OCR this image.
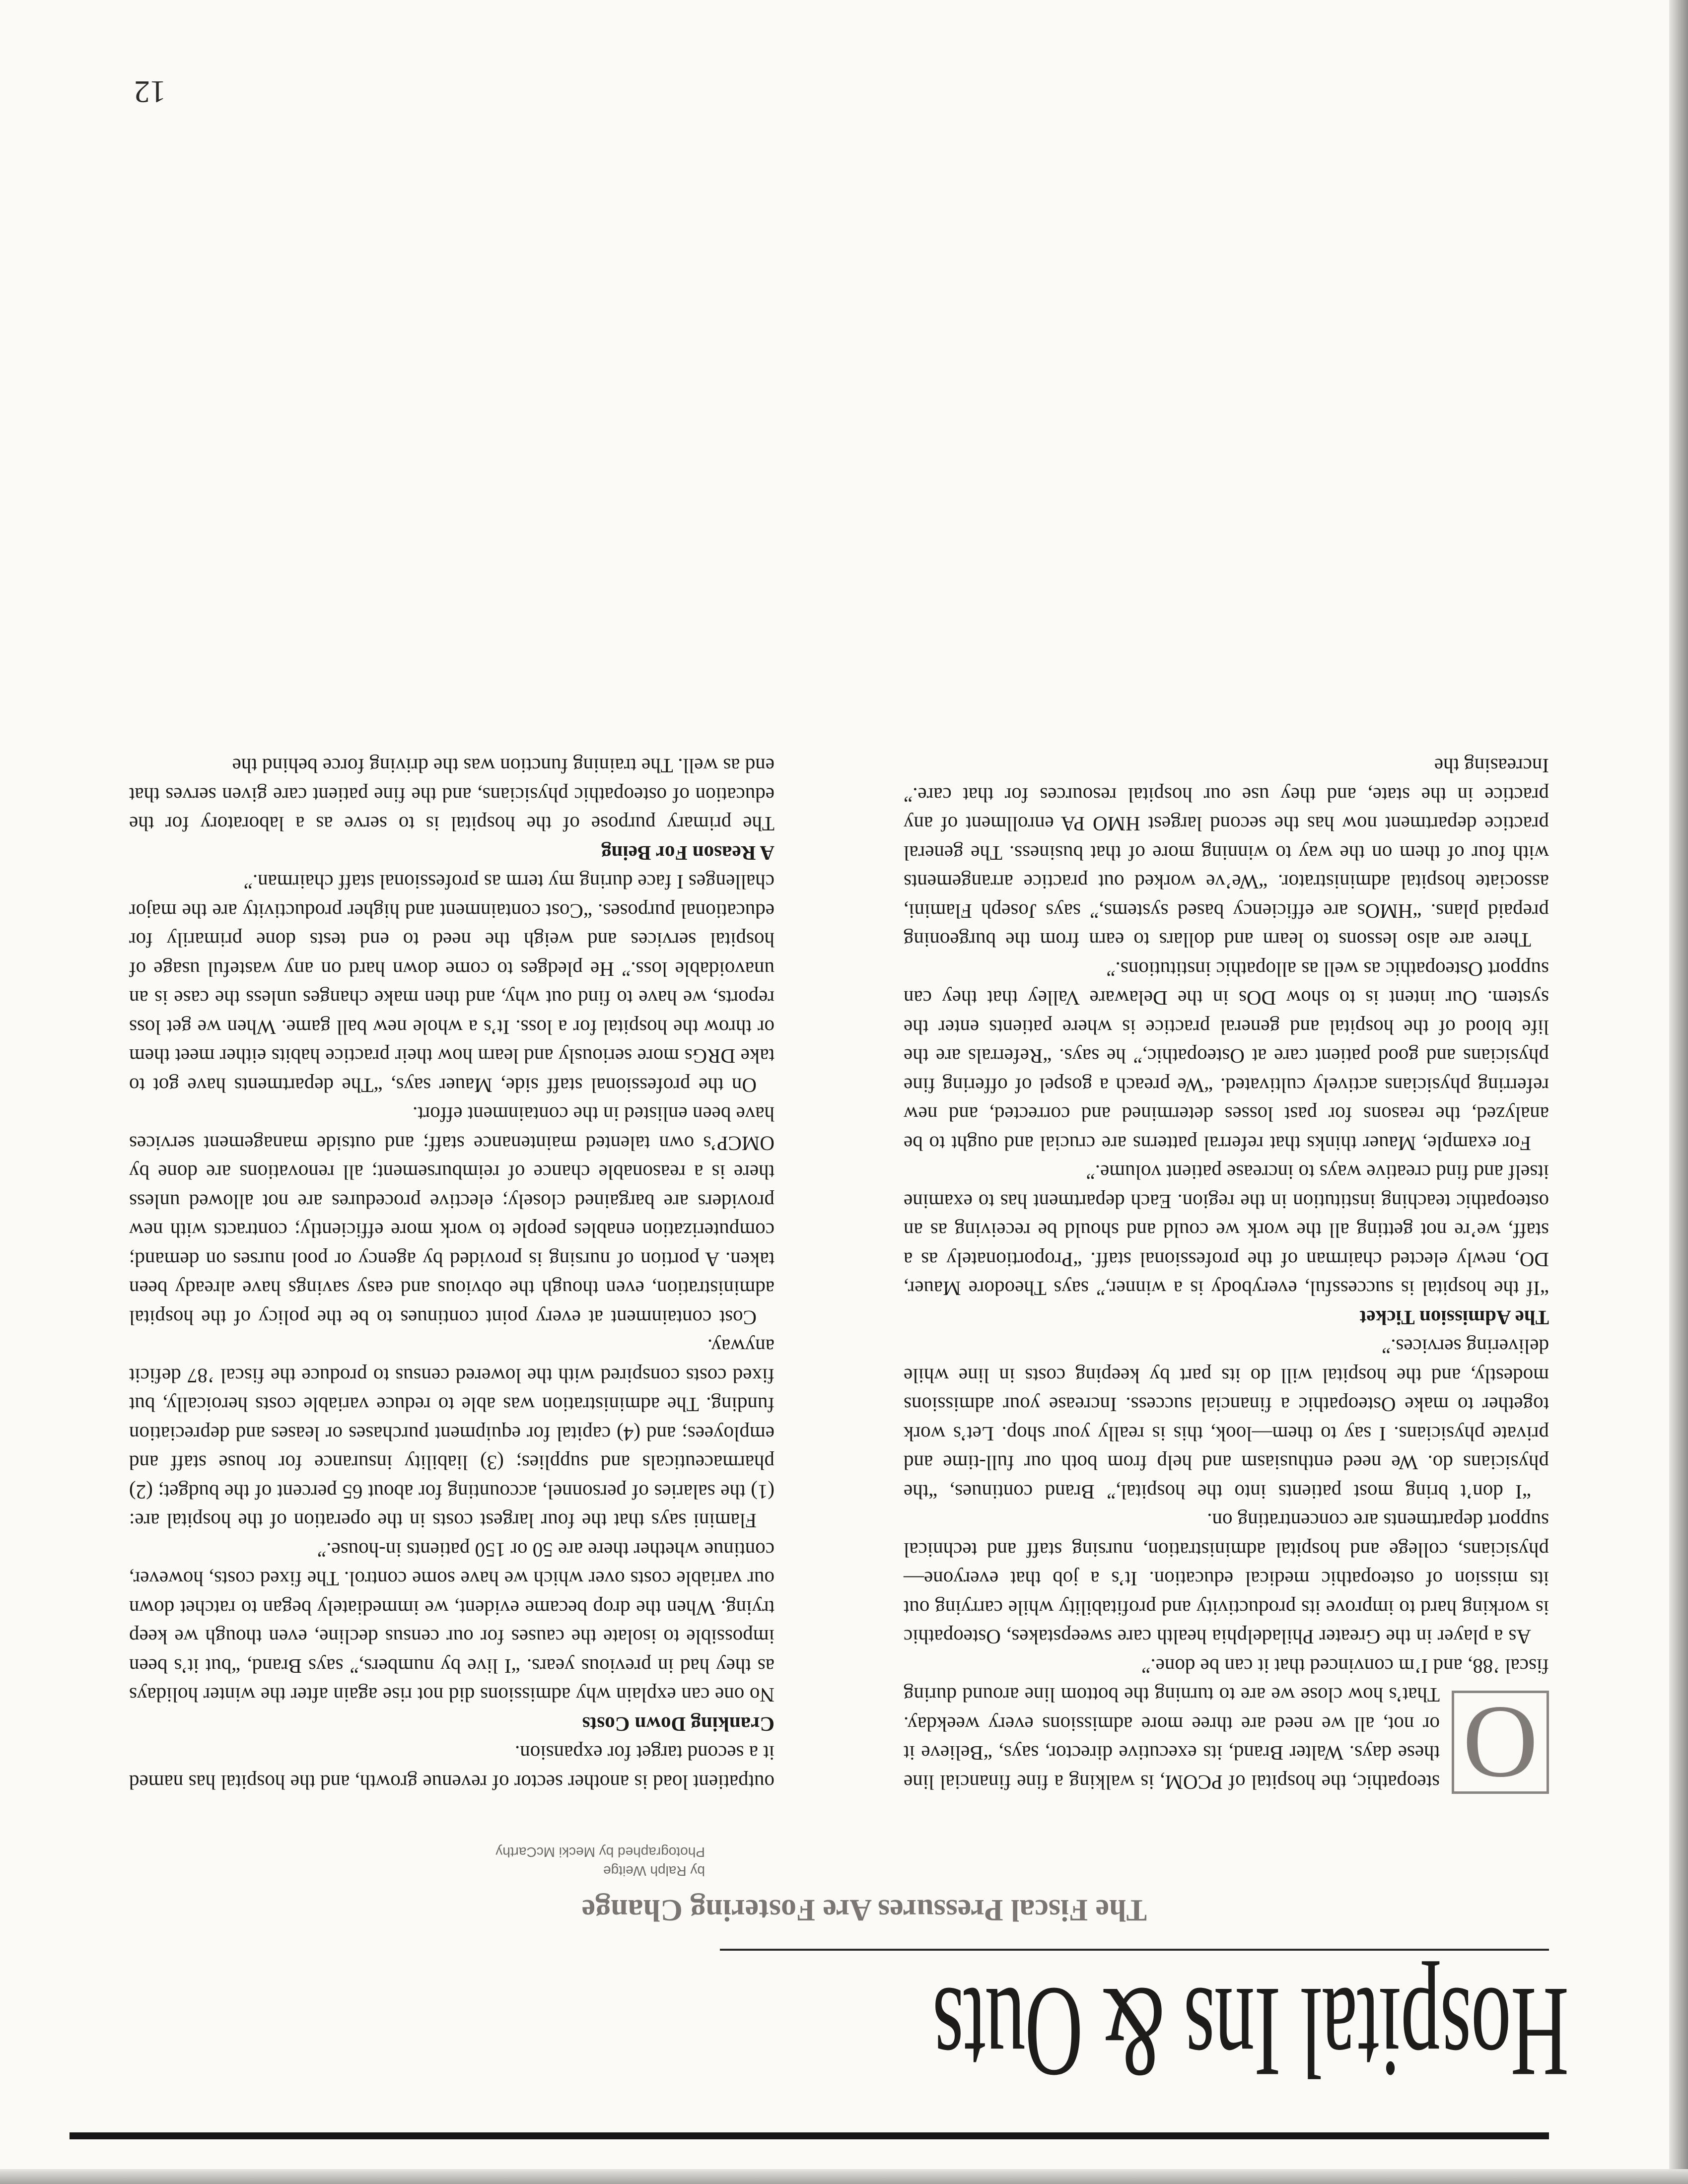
Hospital Ins & Outs
The Fiscal Pressures Are Fostering Change
by Ralph Weitge
Photographed by Mecki McCarthy
O

steopathic, the hospital of PCOM, is walking a fine financial line these days. Walter Brand, its executive director, says, “Believe it or not, all we need are three more admissions every weekday. That’s how close we are to turning the bottom line around during fiscal ’88, and I’m convinced that it can be done.”

As a player in the Greater Philadelphia health care sweepstakes, Osteopathic is working hard to improve its productivity and profitability while carrying out its mission of osteopathic medical education. It’s a job that everyone—physicians, college and hospital administration, nursing staff and technical support departments are concentrating on.

“I don’t bring most patients into the hospital,” Brand continues, “the physicians do. We need enthusiasm and help from both our full-time and private physicians. I say to them—look, this is really your shop. Let’s work together to make Osteopathic a financial success. Increase your admissions modestly, and the hospital will do its part by keeping costs in line while delivering services.”

The Admission Ticket

“If the hospital is successful, everybody is a winner,” says Theodore Mauer, DO, newly elected chairman of the professional staff. “Proportionately as a staff, we’re not getting all the work we could and should be receiving as an osteopathic teaching institution in the region. Each department has to examine itself and find creative ways to increase patient volume.”

For example, Mauer thinks that referral patterns are crucial and ought to be analyzed, the reasons for past losses determined and corrected, and new referring physicians actively cultivated. “We preach a gospel of offering fine physicians and good patient care at Osteopathic,” he says. “Referrals are the life blood of the hospital and general practice is where patients enter the system. Our intent is to show DOs in the Delaware Valley that they can support Osteopathic as well as allopathic institutions.”

There are also lessons to learn and dollars to earn from the burgeoning prepaid plans. “HMOs are efficiency based systems,” says Joseph Flamini, associate hospital administrator. “We’ve worked out practice arrangements with four of them on the way to winning more of that business. The general practice department now has the second largest HMO PA enrollment of any practice in the state, and they use our hospital resources for that care.” Increasing the

outpatient load is another sector of revenue growth, and the hospital has named it a second target for expansion.

Cranking Down Costs

No one can explain why admissions did not rise again after the winter holidays as they had in previous years. “I live by numbers,” says Brand, “but it’s been impossible to isolate the causes for our census decline, even though we keep trying. When the drop became evident, we immediately began to ratchet down our variable costs over which we have some control. The fixed costs, however, continue whether there are 50 or 150 patients in-house.”

Flamini says that the four largest costs in the operation of the hospital are: (1) the salaries of personnel, accounting for about 65 percent of the budget; (2) pharmaceuticals and supplies; (3) liability insurance for house staff and employees; and (4) capital for equipment purchases or leases and depreciation funding. The administration was able to reduce variable costs heroically, but fixed costs conspired with the lowered census to produce the fiscal ’87 deficit anyway.

Cost containment at every point continues to be the policy of the hospital administration, even though the obvious and easy savings have already been taken. A portion of nursing is provided by agency or pool nurses on demand; computerization enables people to work more efficiently; contracts with new providers are bargained closely; elective procedures are not allowed unless there is a reasonable chance of reimbursement; all renovations are done by OMCP’s own talented maintenance staff; and outside management services have been enlisted in the containment effort.

On the professional staff side, Mauer says, “The departments have got to take DRGs more seriously and learn how their practice habits either meet them or throw the hospital for a loss. It’s a whole new ball game. When we get loss reports, we have to find out why, and then make changes unless the case is an unavoidable loss.” He pledges to come down hard on any wasteful usage of hospital services and weigh the need to end tests done primarily for educational purposes. “Cost containment and higher productivity are the major challenges I face during my term as professional staff chairman.”

A Reason For Being

The primary purpose of the hospital is to serve as a laboratory for the education of osteopathic physicians, and the fine patient care given serves that end as well. The training function was the driving force behind the

12
